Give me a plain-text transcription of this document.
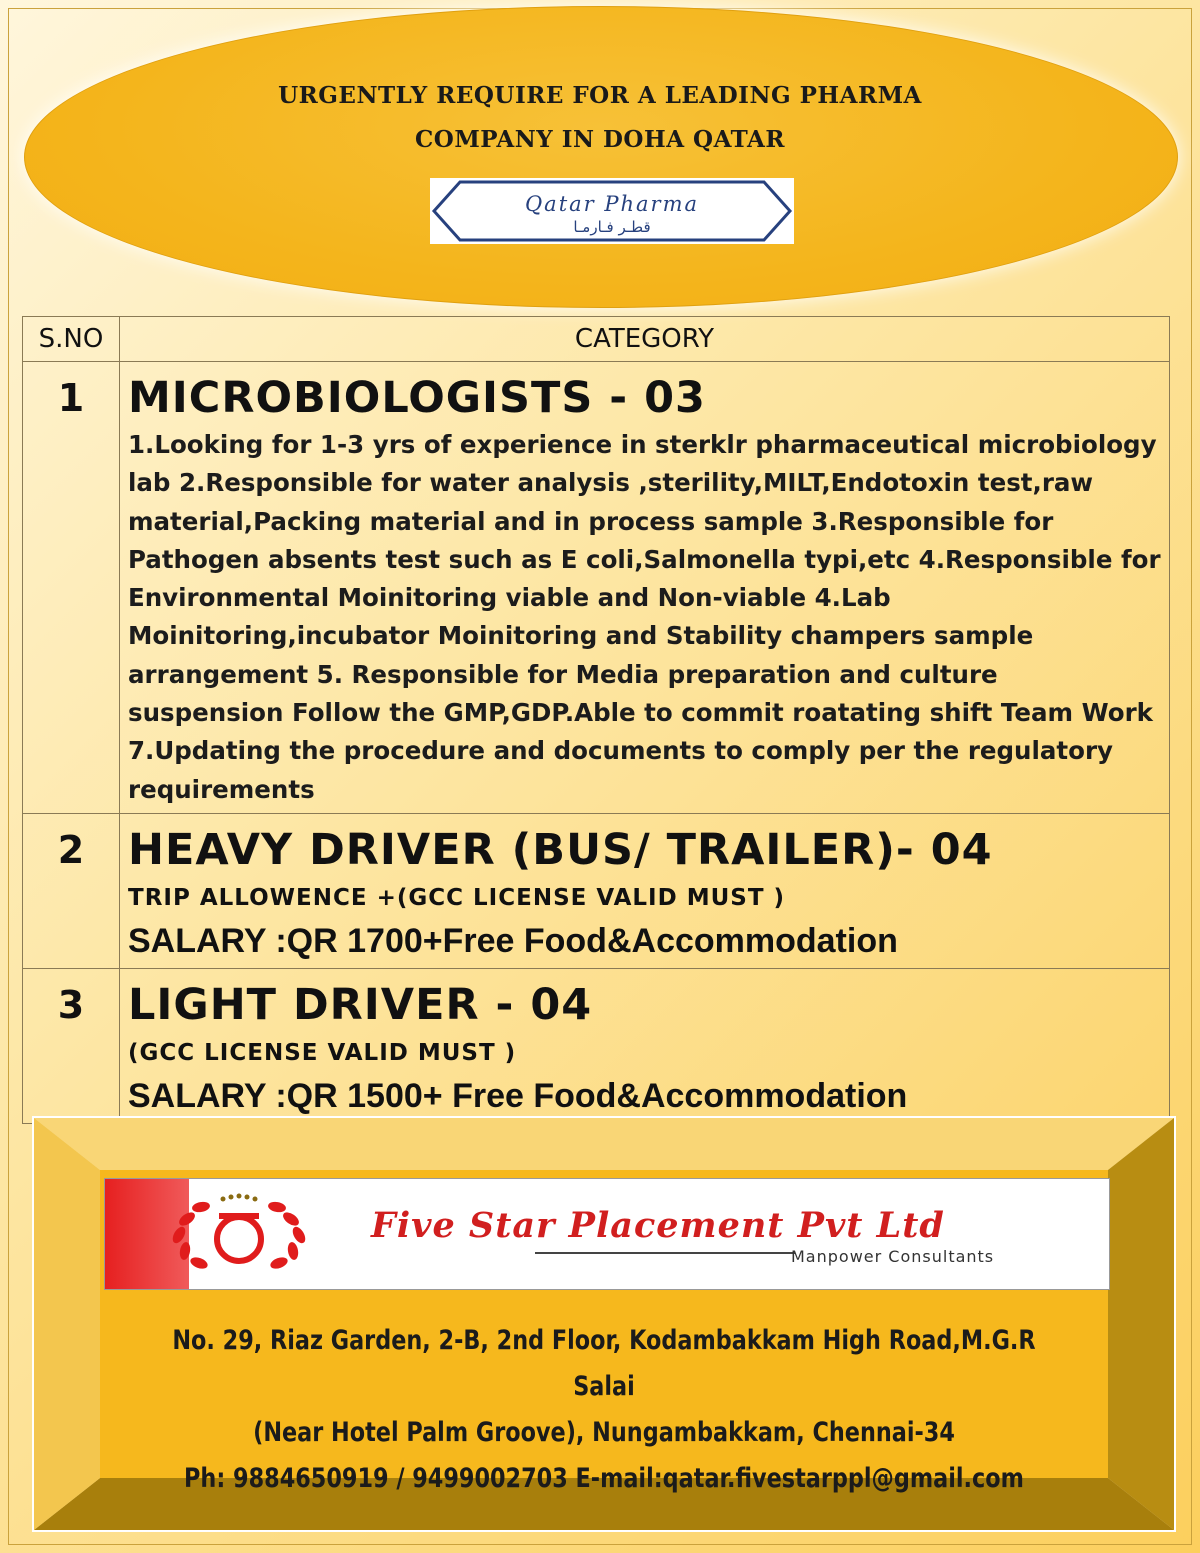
URGENTLY REQUIRE FOR A LEADING PHARMA
COMPANY IN DOHA QATAR
Qatar Pharma
قطـر فـارمـا
S.NO	CATEGORY
1	MICROBIOLOGISTS - 03
1.Looking for 1-3 yrs of experience in sterklr pharmaceutical microbiology lab 2.Responsible for water analysis ,sterility,MILT,Endotoxin test,raw material,Packing material and in process sample 3.Responsible for Pathogen absents test such as E coli,Salmonella typi,etc 4.Responsible for Environmental Moinitoring viable and Non-viable 4.Lab Moinitoring,incubator Moinitoring and Stability champers sample arrangement 5. Responsible for Media preparation and culture suspension Follow the GMP,GDP.Able to commit roatating shift Team Work 7.Updating the procedure and documents to comply per the regulatory requirements

2	HEAVY DRIVER (BUS/ TRAILER)- 04
TRIP ALLOWENCE +(GCC LICENSE VALID MUST )
SALARY :QR 1700+Free Food&Accommodation

3	LIGHT DRIVER - 04
(GCC LICENSE VALID MUST )
SALARY :QR 1500+ Free Food&Accommodation
Five Star Placement Pvt Ltd
Manpower Consultants
No. 29, Riaz Garden, 2-B, 2nd Floor, Kodambakkam High Road,M.G.R Salai
(Near Hotel Palm Groove), Nungambakkam, Chennai-34
Ph: 9884650919 / 9499002703 E-mail:qatar.fivestarppl@gmail.com
